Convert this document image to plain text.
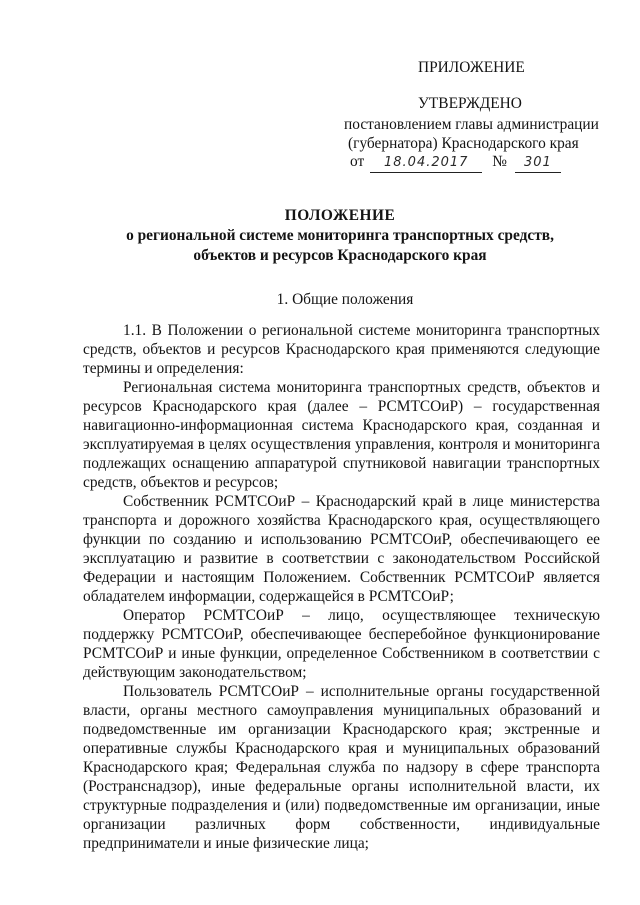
ПРИЛОЖЕНИЕ
УТВЕРЖДЕНО
постановлением главы администрации
(губернатора) Краснодарского края
от 18.04.2017 № 301
ПОЛОЖЕНИЕ
о региональной системе мониторинга транспортных средств,
объектов и ресурсов Краснодарского края
1. Общие положения

1.1. В Положении о региональной системе мониторинга транспортных средств, объектов и ресурсов Краснодарского края применяются следующие термины и определения:

Региональная система мониторинга транспортных средств, объектов и ресурсов Краснодарского края (далее – РСМТСОиР) – государственная навигационно-информационная система Краснодарского края, созданная и эксплуатируемая в целях осуществления управления, контроля и мониторинга подлежащих оснащению аппаратурой спутниковой навигации транспортных средств, объектов и ресурсов;

Собственник РСМТСОиР – Краснодарский край в лице министерства транспорта и дорожного хозяйства Краснодарского края, осуществляющего функции по созданию и использованию РСМТСОиР, обеспечивающего ее эксплуатацию и развитие в соответствии с законодательством Российской Федерации и настоящим Положением. Собственник РСМТСОиР является обладателем информации, содержащейся в РСМТСОиР;

Оператор РСМТСОиР – лицо, осуществляющее техническую поддержку РСМТСОиР, обеспечивающее бесперебойное функционирование РСМТСОиР и иные функции, определенное Собственником в соответствии с действующим законодательством;

Пользователь РСМТСОиР – исполнительные органы государственной власти, органы местного самоуправления муниципальных образований и подведомственные им организации Краснодарского края; экстренные и оперативные службы Краснодарского края и муниципальных образований Краснодарского края; Федеральная служба по надзору в сфере транспорта (Ространснадзор), иные федеральные органы исполнительной власти, их структурные подразделения и (или) подведомственные им организации, иные организации различных форм собственности, индивидуальные

предприниматели и иные физические лица;
